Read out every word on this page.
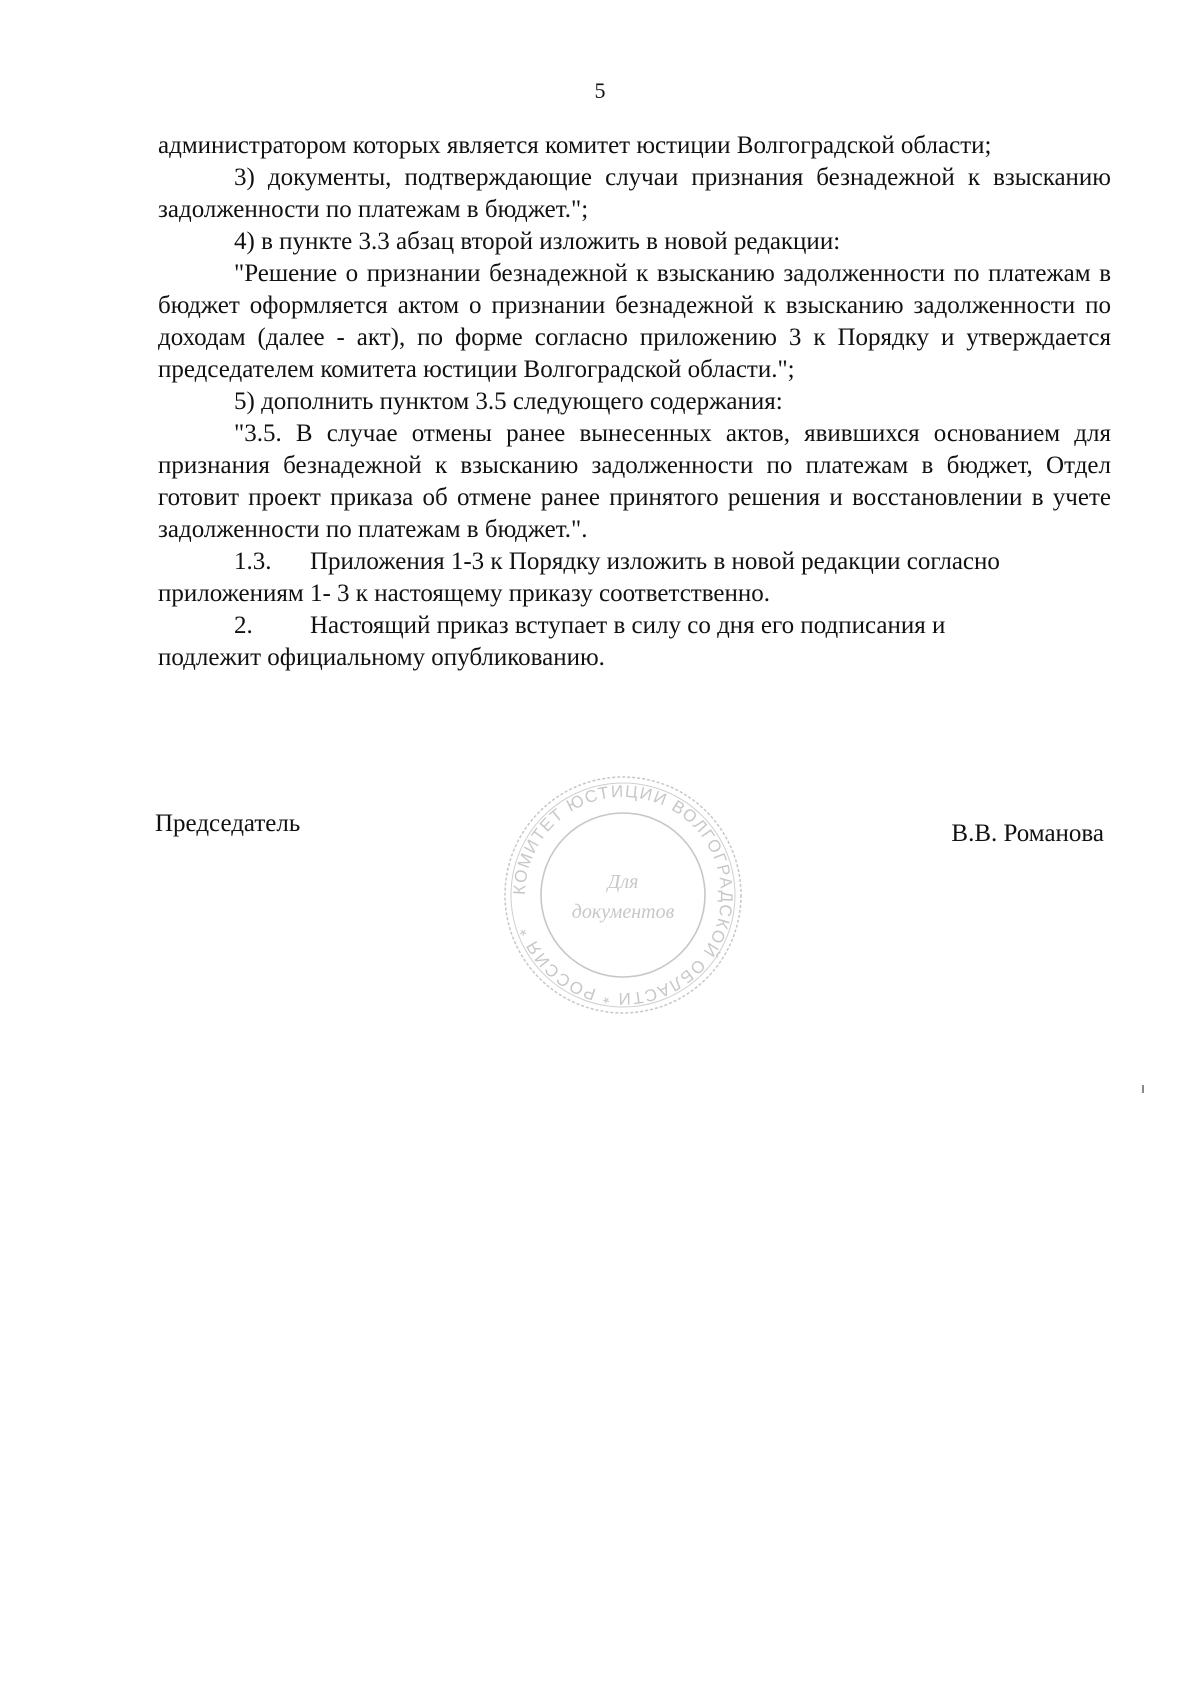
5

администратором которых является комитет юстиции Волгоградской области;

3) документы, подтверждающие случаи признания безнадежной к взысканию задолженности по платежам в бюджет.";

4) в пункте 3.3 абзац второй изложить в новой редакции:

"Решение о признании безнадежной к взысканию задолженности по платежам в бюджет оформляется актом о признании безнадежной к взысканию задолженности по доходам (далее - акт), по форме согласно приложению 3 к Порядку и утверждается председателем комитета юстиции Волгоградской области.";

5) дополнить пунктом 3.5 следующего содержания:

"3.5. В случае отмены ранее вынесенных актов, явившихся основанием для признания безнадежной к взысканию задолженности по платежам в бюджет, Отдел готовит проект приказа об отмене ранее принятого решения и восстановлении в учете задолженности по платежам в бюджет.".

1.3.	Приложения 1-3 к Порядку изложить в новой редакции согласно

приложениям 1- 3 к настоящему приказу соответственно.

2.	Настоящий приказ вступает в силу со дня его подписания и

подлежит официальному опубликованию.

Председатель	В.В. Романова
КОМИТЕТ ЮСТИЦИИ ВОЛГОГРАДСКОЙ ОБЛАСТИ * РОССИЯ *
Для
документов
